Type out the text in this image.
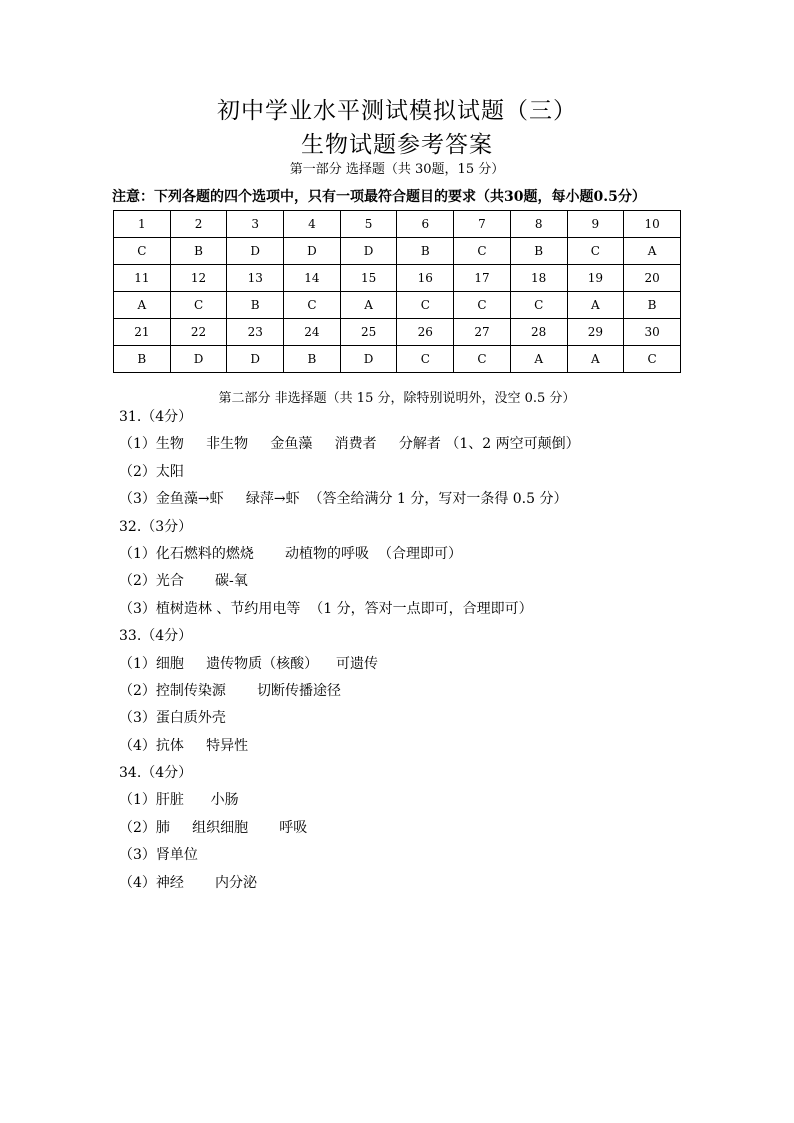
初中学业水平测试模拟试题（三）
生物试题参考答案
第一部分 选择题（共 30题，15 分）
注意：下列各题的四个选项中，只有一项最符合题目的要求（共30题，每小题0.5分）
1	2	3	4	5	6	7	8	9	10
C	B	D	D	D	B	C	B	C	A
11	12	13	14	15	16	17	18	19	20
A	C	B	C	A	C	C	C	A	B
21	22	23	24	25	26	27	28	29	30
B	D	D	B	D	C	C	A	A	C
第二部分 非选择题（共 15 分，除特别说明外，没空 0.5 分）
31.（4分）
（1）生物     非生物     金鱼藻     消费者     分解者 （1、2 两空可颠倒）
（2）太阳
（3）金鱼藻→虾     绿萍→虾  （答全给满分 1 分，写对一条得 0.5 分）
32.（3分）
（1）化石燃料的燃烧       动植物的呼吸  （合理即可）
（2）光合       碳-氧
（3）植树造林 、节约用电等  （1 分，答对一点即可，合理即可）
33.（4分）
（1）细胞     遗传物质（核酸）    可遗传
（2）控制传染源       切断传播途径
（3）蛋白质外壳
（4）抗体     特异性
34.（4分）
（1）肝脏      小肠
（2）肺     组织细胞       呼吸
（3）肾单位
（4）神经       内分泌
